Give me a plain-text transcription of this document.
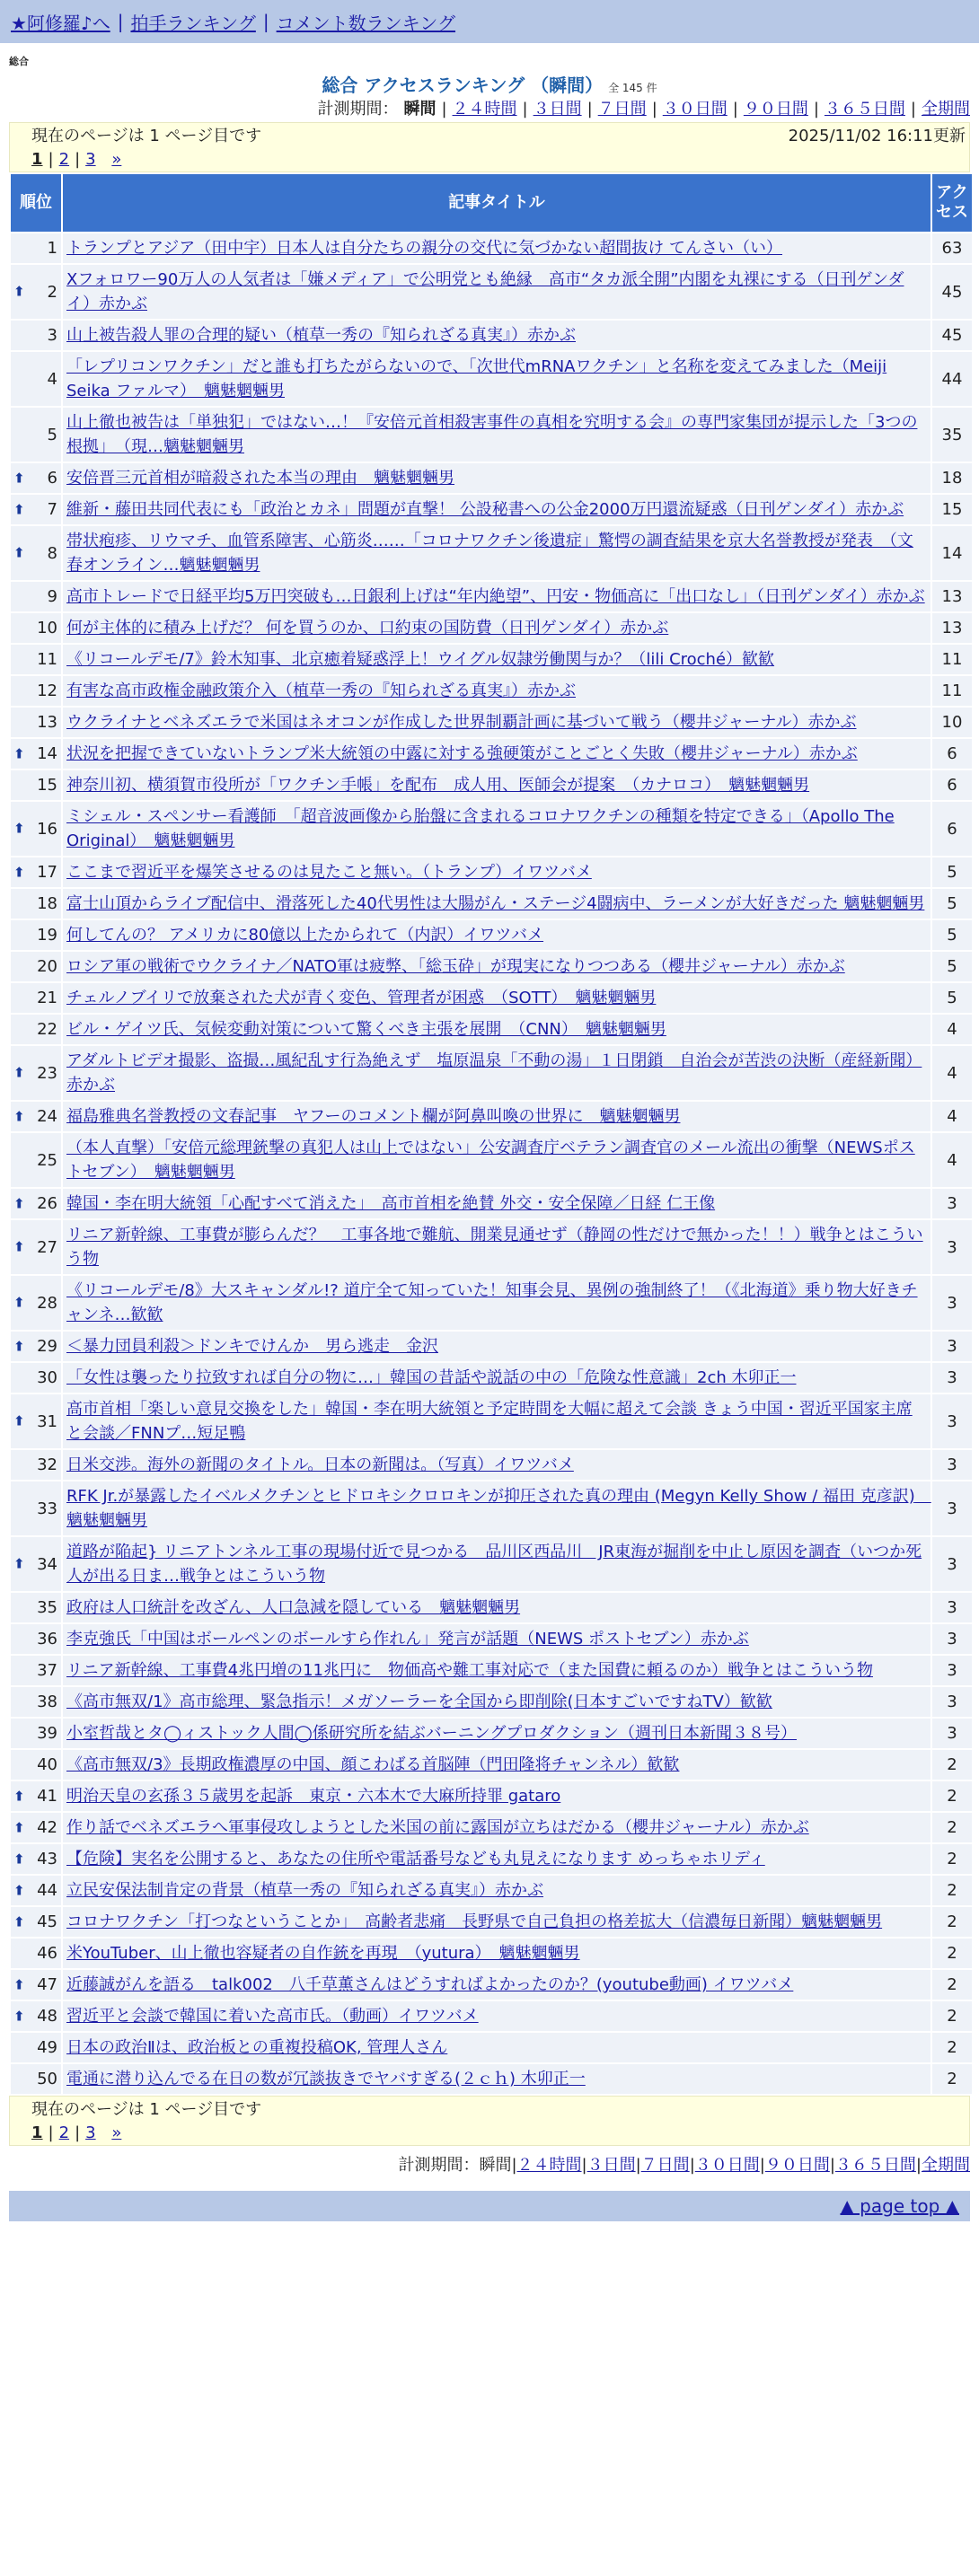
★阿修羅♪へ | 拍手ランキング | コメント数ランキング
総合
総合 アクセスランキング （瞬間） 全 145 件
計測期間： 瞬間 | ２４時間 | ３日間 | ７日間 | ３０日間 | ９０日間 | ３６５日間 | 全期間
現在のページは 1 ページ目です	2025/11/02 16:11更新
1 | 2 | 3 »
順位	記事タイトル	アクセス
1	トランプとアジア（田中宇）日本人は自分たちの親分の交代に気づかない超間抜け てんさい（い）	63

⬆ 2	Xフォロワー90万人の人気者は「嫌メディア」で公明党とも絶縁　高市“タカ派全開”内閣を丸裸にする（日刊ゲンダイ）赤かぶ	45
3	山上被告殺人罪の合理的疑い（植草一秀の『知られざる真実』）赤かぶ	45
4	「レプリコンワクチン」だと誰も打ちたがらないので、「次世代mRNAワクチン」と名称を変えてみました（Meiji Seika ファルマ）　魑魅魍魎男	44
5	山上徹也被告は「単独犯」ではない…！『安倍元首相殺害事件の真相を究明する会』の専門家集団が提示した「3つの根拠」　（現…魑魅魍魎男	35

⬆ 6	安倍晋三元首相が暗殺された本当の理由　魑魅魍魎男	18

⬆ 7	維新・藤田共同代表にも「政治とカネ」問題が直撃！ 公設秘書への公金2000万円還流疑惑（日刊ゲンダイ）赤かぶ	15

⬆ 8	帯状疱疹、リウマチ、血管系障害、心筋炎……「コロナワクチン後遺症」驚愕の調査結果を京大名誉教授が発表　（文春オンライン…魑魅魍魎男	14
9	高市トレードで日経平均5万円突破も…日銀利上げは“年内絶望”、円安・物価高に「出口なし」（日刊ゲンダイ）赤かぶ	13
10	何が主体的に積み上げだ？ 何を買うのか、口約束の国防費（日刊ゲンダイ）赤かぶ	13
11	《リコールデモ/7》鈴木知事、北京癒着疑惑浮上！ウイグル奴隷労働関与か？（lili Croché）歓歓	11
12	有害な高市政権金融政策介入（植草一秀の『知られざる真実』）赤かぶ	11
13	ウクライナとベネズエラで米国はネオコンが作成した世界制覇計画に基づいて戦う（櫻井ジャーナル）赤かぶ	10

⬆ 14	状況を把握できていないトランプ米大統領の中露に対する強硬策がことごとく失敗（櫻井ジャーナル）赤かぶ	6
15	神奈川初、横須賀市役所が「ワクチン手帳」を配布　成人用、医師会が提案　（カナロコ）　魑魅魍魎男	6

⬆ 16	ミシェル・スペンサー看護師　「超音波画像から胎盤に含まれるコロナワクチンの種類を特定できる」（Apollo The Original）　魑魅魍魎男	6

⬆ 17	ここまで習近平を爆笑させるのは見たこと無い。（トランプ）イワツバメ	5
18	富士山頂からライブ配信中、滑落死した40代男性は大腸がん・ステージ4闘病中、ラーメンが大好きだった 魑魅魍魎男	5
19	何してんの？ アメリカに80億以上たかられて（内訳）イワツバメ	5
20	ロシア軍の戦術でウクライナ／NATO軍は疲弊、「総玉砕」が現実になりつつある（櫻井ジャーナル）赤かぶ	5
21	チェルノブイリで放棄された犬が青く変色、管理者が困惑　（SOTT）　魑魅魍魎男	5
22	ビル・ゲイツ氏、気候変動対策について驚くべき主張を展開　（CNN）　魑魅魍魎男	4

⬆ 23	アダルトビデオ撮影、盗撮…風紀乱す行為絶えず　塩原温泉「不動の湯」１日閉鎖　自治会が苦渋の決断（産経新聞）赤かぶ	4

⬆ 24	福島雅典名誉教授の文春記事　ヤフーのコメント欄が阿鼻叫喚の世界に　魑魅魍魎男	4
25	（本人直撃）「安倍元総理銃撃の真犯人は山上ではない」公安調査庁ベテラン調査官のメール流出の衝撃（NEWSポストセブン）　魑魅魍魎男	4

⬆ 26	韓国・李在明大統領「心配すべて消えた」　高市首相を絶賛 外交・安全保障／日経 仁王像	3

⬆ 27	リニア新幹線、工事費が膨らんだ？　工事各地で難航、開業見通せず（静岡の性だけで無かった！！）戦争とはこういう物	3

⬆ 28	《リコールデモ/8》大スキャンダル!? 道庁全て知っていた！知事会見、異例の強制終了！（《北海道》乗り物大好きチャンネ…歓歓	3

⬆ 29	＜暴力団員利殺＞ドンキでけんか　男ら逃走　金沢	3
30	「女性は襲ったり拉致すれば自分の物に…」韓国の昔話や説話の中の「危険な性意識」2ch 木卯正一	3

⬆ 31	高市首相「楽しい意見交換をした」韓国・李在明大統領と予定時間を大幅に超えて会談 きょう中国・習近平国家主席と会談／FNNプ…短足鴨	3
32	日米交渉。海外の新聞のタイトル。日本の新聞は。（写真）イワツバメ	3
33	RFK Jr.が暴露したイベルメクチンとヒドロキシクロロキンが抑圧された真の理由 (Megyn Kelly Show / 福田 克彦訳)　魑魅魍魎男	3

⬆ 34	道路が陥起} リニアトンネル工事の現場付近で見つかる　品川区西品川　JR東海が掘削を中止し原因を調査（いつか死人が出る日ま…戦争とはこういう物	3
35	政府は人口統計を改ざん、人口急減を隠している　魑魅魍魎男	3
36	李克強氏「中国はボールペンのボールすら作れん」発言が話題（NEWS ポストセブン）赤かぶ	3
37	リニア新幹線、工事費4兆円増の11兆円に　物価高や難工事対応で（また国費に頼るのか）戦争とはこういう物	3
38	《高市無双/1》高市総理、緊急指示！メガソーラーを全国から即削除(日本すごいですねTV）歓歓	3
39	小室哲哉とタ◯ィストック人間◯係研究所を結ぶバーニングプロダクション（週刊日本新聞３８号）	3
40	《高市無双/3》長期政権濃厚の中国、顔こわばる首脳陣（門田隆将チャンネル）歓歓	2

⬆ 41	明治天皇の玄孫３５歳男を起訴　東京・六本木で大麻所持罪 gataro	2

⬆ 42	作り話でベネズエラへ軍事侵攻しようとした米国の前に露国が立ちはだかる（櫻井ジャーナル）赤かぶ	2

⬆ 43	【危険】実名を公開すると、あなたの住所や電話番号なども丸見えになります めっちゃホリディ	2

⬆ 44	立民安保法制肯定の背景（植草一秀の『知られざる真実』）赤かぶ	2

⬆ 45	コロナワクチン「打つなということか」　高齢者悲痛　長野県で自己負担の格差拡大（信濃毎日新聞）魑魅魍魎男	2
46	米YouTuber、山上徹也容疑者の自作銃を再現　（yutura）　魑魅魍魎男	2

⬆ 47	近藤誠がんを語る　talk002　八千草薫さんはどうすればよかったのか？(youtube動画) イワツバメ	2

⬆ 48	習近平と会談で韓国に着いた高市氏。（動画）イワツバメ	2
49	日本の政治Ⅱは、政治板との重複投稿OK, 管理人さん	2
50	電通に潜り込んでる在日の数が冗談抜きでヤバすぎる(２ｃｈ) 木卯正一	2
現在のページは 1 ページ目です
1 | 2 | 3 »
計測期間：瞬間|２４時間|３日間|７日間|３０日間|９０日間|３６５日間|全期間
▲ page top ▲
